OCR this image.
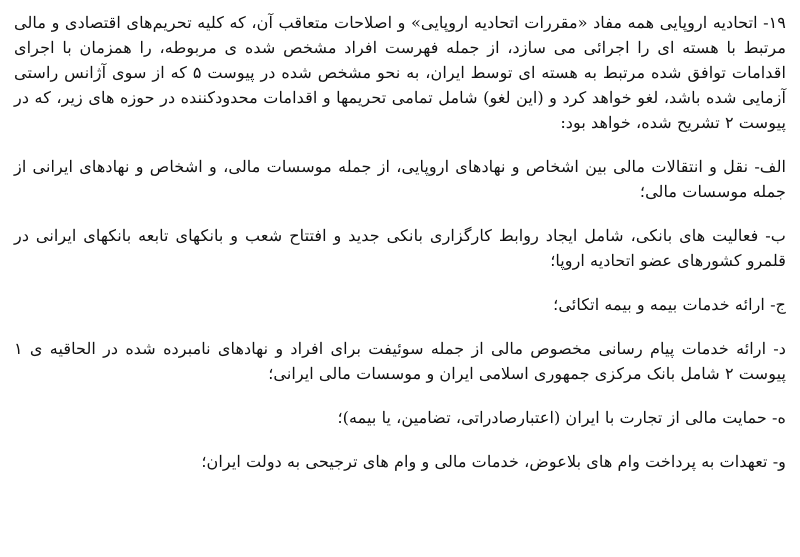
۱۹- اتحادیه اروپایی همه مفاد «مقررات اتحادیه اروپایی» و اصلاحات متعاقب آن، که کلیه تحریم‌های اقتصادی و مالی مرتبط با هسته ای را اجرائی می سازد، از جمله فهرست افراد مشخص شده ی مربوطه، را همزمان با اجرای اقدامات توافق شده مرتبط به هسته ای توسط ایران، به نحو مشخص شده در پیوست ۵ که از سوی آژانس راستی آزمایی شده باشد، لغو خواهد کرد و (این لغو) شامل تمامی تحریمها و اقدامات محدودکننده در حوزه های زیر، که در پیوست ۲ تشریح شده، خواهد بود:

الف- نقل و انتقالات مالی بین اشخاص و نهادهای اروپایی، از جمله موسسات مالی، و اشخاص و نهادهای ایرانی از جمله موسسات مالی؛

ب- فعالیت های بانکی، شامل ایجاد روابط کارگزاری بانکی جدید و افتتاح شعب و بانکهای تابعه بانکهای ایرانی در قلمرو کشورهای عضو اتحادیه اروپا؛

ج- ارائه خدمات بیمه و بیمه اتکائی؛

د- ارائه خدمات پیام رسانی مخصوص مالی از جمله سوئیفت برای افراد و نهادهای نامبرده شده در الحاقیه ی ۱ پیوست ۲ شامل بانک مرکزی جمهوری اسلامی ایران و موسسات مالی ایرانی؛

ه- حمایت مالی از تجارت با ایران (اعتبارصادراتی، تضامین، یا بیمه)؛

و- تعهدات به پرداخت وام های بلاعوض، خدمات مالی و وام های ترجیحی به دولت ایران؛
